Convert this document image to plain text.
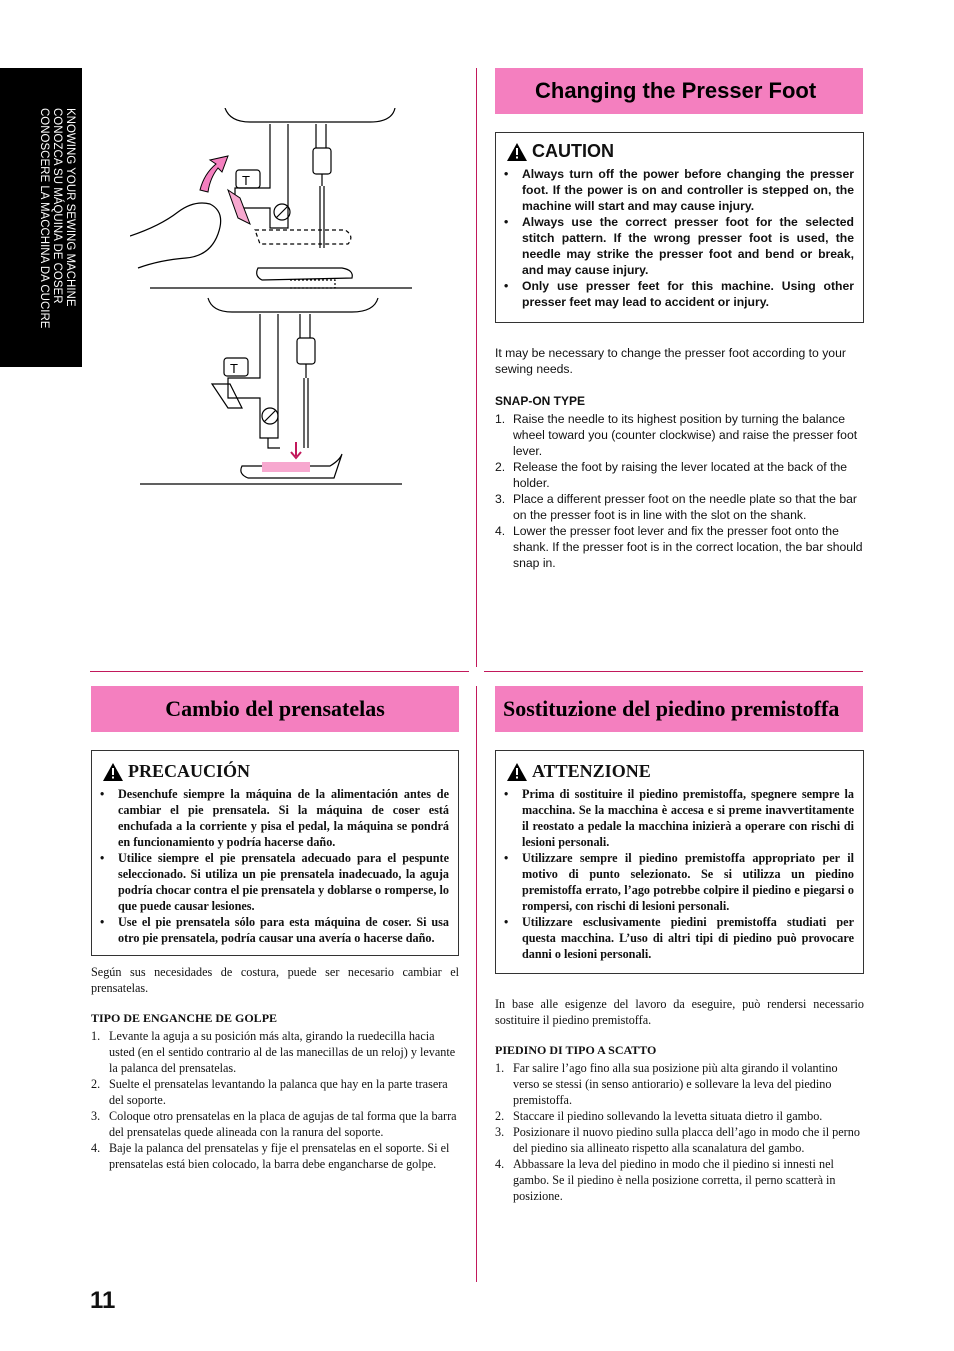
KNOWING YOUR SEWING MACHINE
CONOZCA SU MÁQUINA DE COSER
CONOSCERE LA MACCHINA DA CUCIRE	T
T
Changing the Presser Foot
CAUTION
• Always turn off the power before changing the presser foot. If the power is on and controller is stepped on, the machine will start and may cause injury.
• Always use the correct presser foot for the selected stitch pattern. If the wrong presser foot is used, the needle may strike the presser foot and bend or break, and may cause injury.
• Only use presser feet for this machine. Using other presser feet may lead to accident or injury.
It may be necessary to change the presser foot according to your sewing needs.
SNAP-ON TYPE
1. Raise the needle to its highest position by turning the balance wheel toward you (counter clockwise) and raise the presser foot lever.
2. Release the foot by raising the lever located at the back of the holder.
3. Place a different presser foot on the needle plate so that the bar on the presser foot is in line with the slot on the shank.
4. Lower the presser foot lever and fix the presser foot onto the shank. If the presser foot is in the correct location, the bar should snap in.
Cambio del prensatelas
PRECAUCIÓN
• Desenchufe siempre la máquina de la alimentación antes de cambiar el pie prensatela. Si la máquina de coser está enchufada a la corriente y pisa el pedal, la máquina se pondrá en funcionamiento y podría hacerse daño.
• Utilice siempre el pie prensatela adecuado para el pespunte seleccionado. Si utiliza un pie prensatela inadecuado, la aguja podría chocar contra el pie prensatela y doblarse o romperse, lo que puede causar lesiones.
• Use el pie prensatela sólo para esta máquina de coser. Si usa otro pie prensatela, podría causar una avería o hacerse daño.
Según sus necesidades de costura, puede ser necesario cambiar el prensatelas.
TIPO DE ENGANCHE DE GOLPE
1. Levante la aguja a su posición más alta, girando la ruedecilla hacia usted (en el sentido contrario al de las manecillas de un reloj) y levante la palanca del prensatelas.
2. Suelte el prensatelas levantando la palanca que hay en la parte trasera del soporte.
3. Coloque otro prensatelas en la placa de agujas de tal forma que la barra del prensatelas quede alineada con la ranura del soporte.
4. Baje la palanca del prensatelas y fije el prensatelas en el soporte. Si el prensatelas está bien colocado, la barra debe engancharse de golpe.
Sostituzione del piedino premistoffa
ATTENZIONE
• Prima di sostituire il piedino premistoffa, spegnere sempre la macchina. Se la macchina è accesa e si preme inavvertitamente il reostato a pedale la macchina inizierà a operare con rischi di lesioni personali.
• Utilizzare sempre il piedino premistoffa appropriato per il motivo di punto selezionato. Se si utilizza un piedino premistoffa errato, l’ago potrebbe colpire il piedino e piegarsi o rompersi, con rischi di lesioni personali.
• Utilizzare esclusivamente piedini premistoffa studiati per questa macchina. L’uso di altri tipi di piedino può provocare danni o lesioni personali.
In base alle esigenze del lavoro da eseguire, può rendersi necessario sostituire il piedino premistoffa.
PIEDINO DI TIPO A SCATTO
1. Far salire l’ago fino alla sua posizione più alta girando il volantino verso se stessi (in senso antiorario) e sollevare la leva del piedino premistoffa.
2. Staccare il piedino sollevando la levetta situata dietro il gambo.
3. Posizionare il nuovo piedino sulla placca dell’ago in modo che il perno del piedino sia allineato rispetto alla scanalatura del gambo.
4. Abbassare la leva del piedino in modo che il piedino si innesti nel gambo. Se il piedino è nella posizione corretta, il perno scatterà in posizione.
11
